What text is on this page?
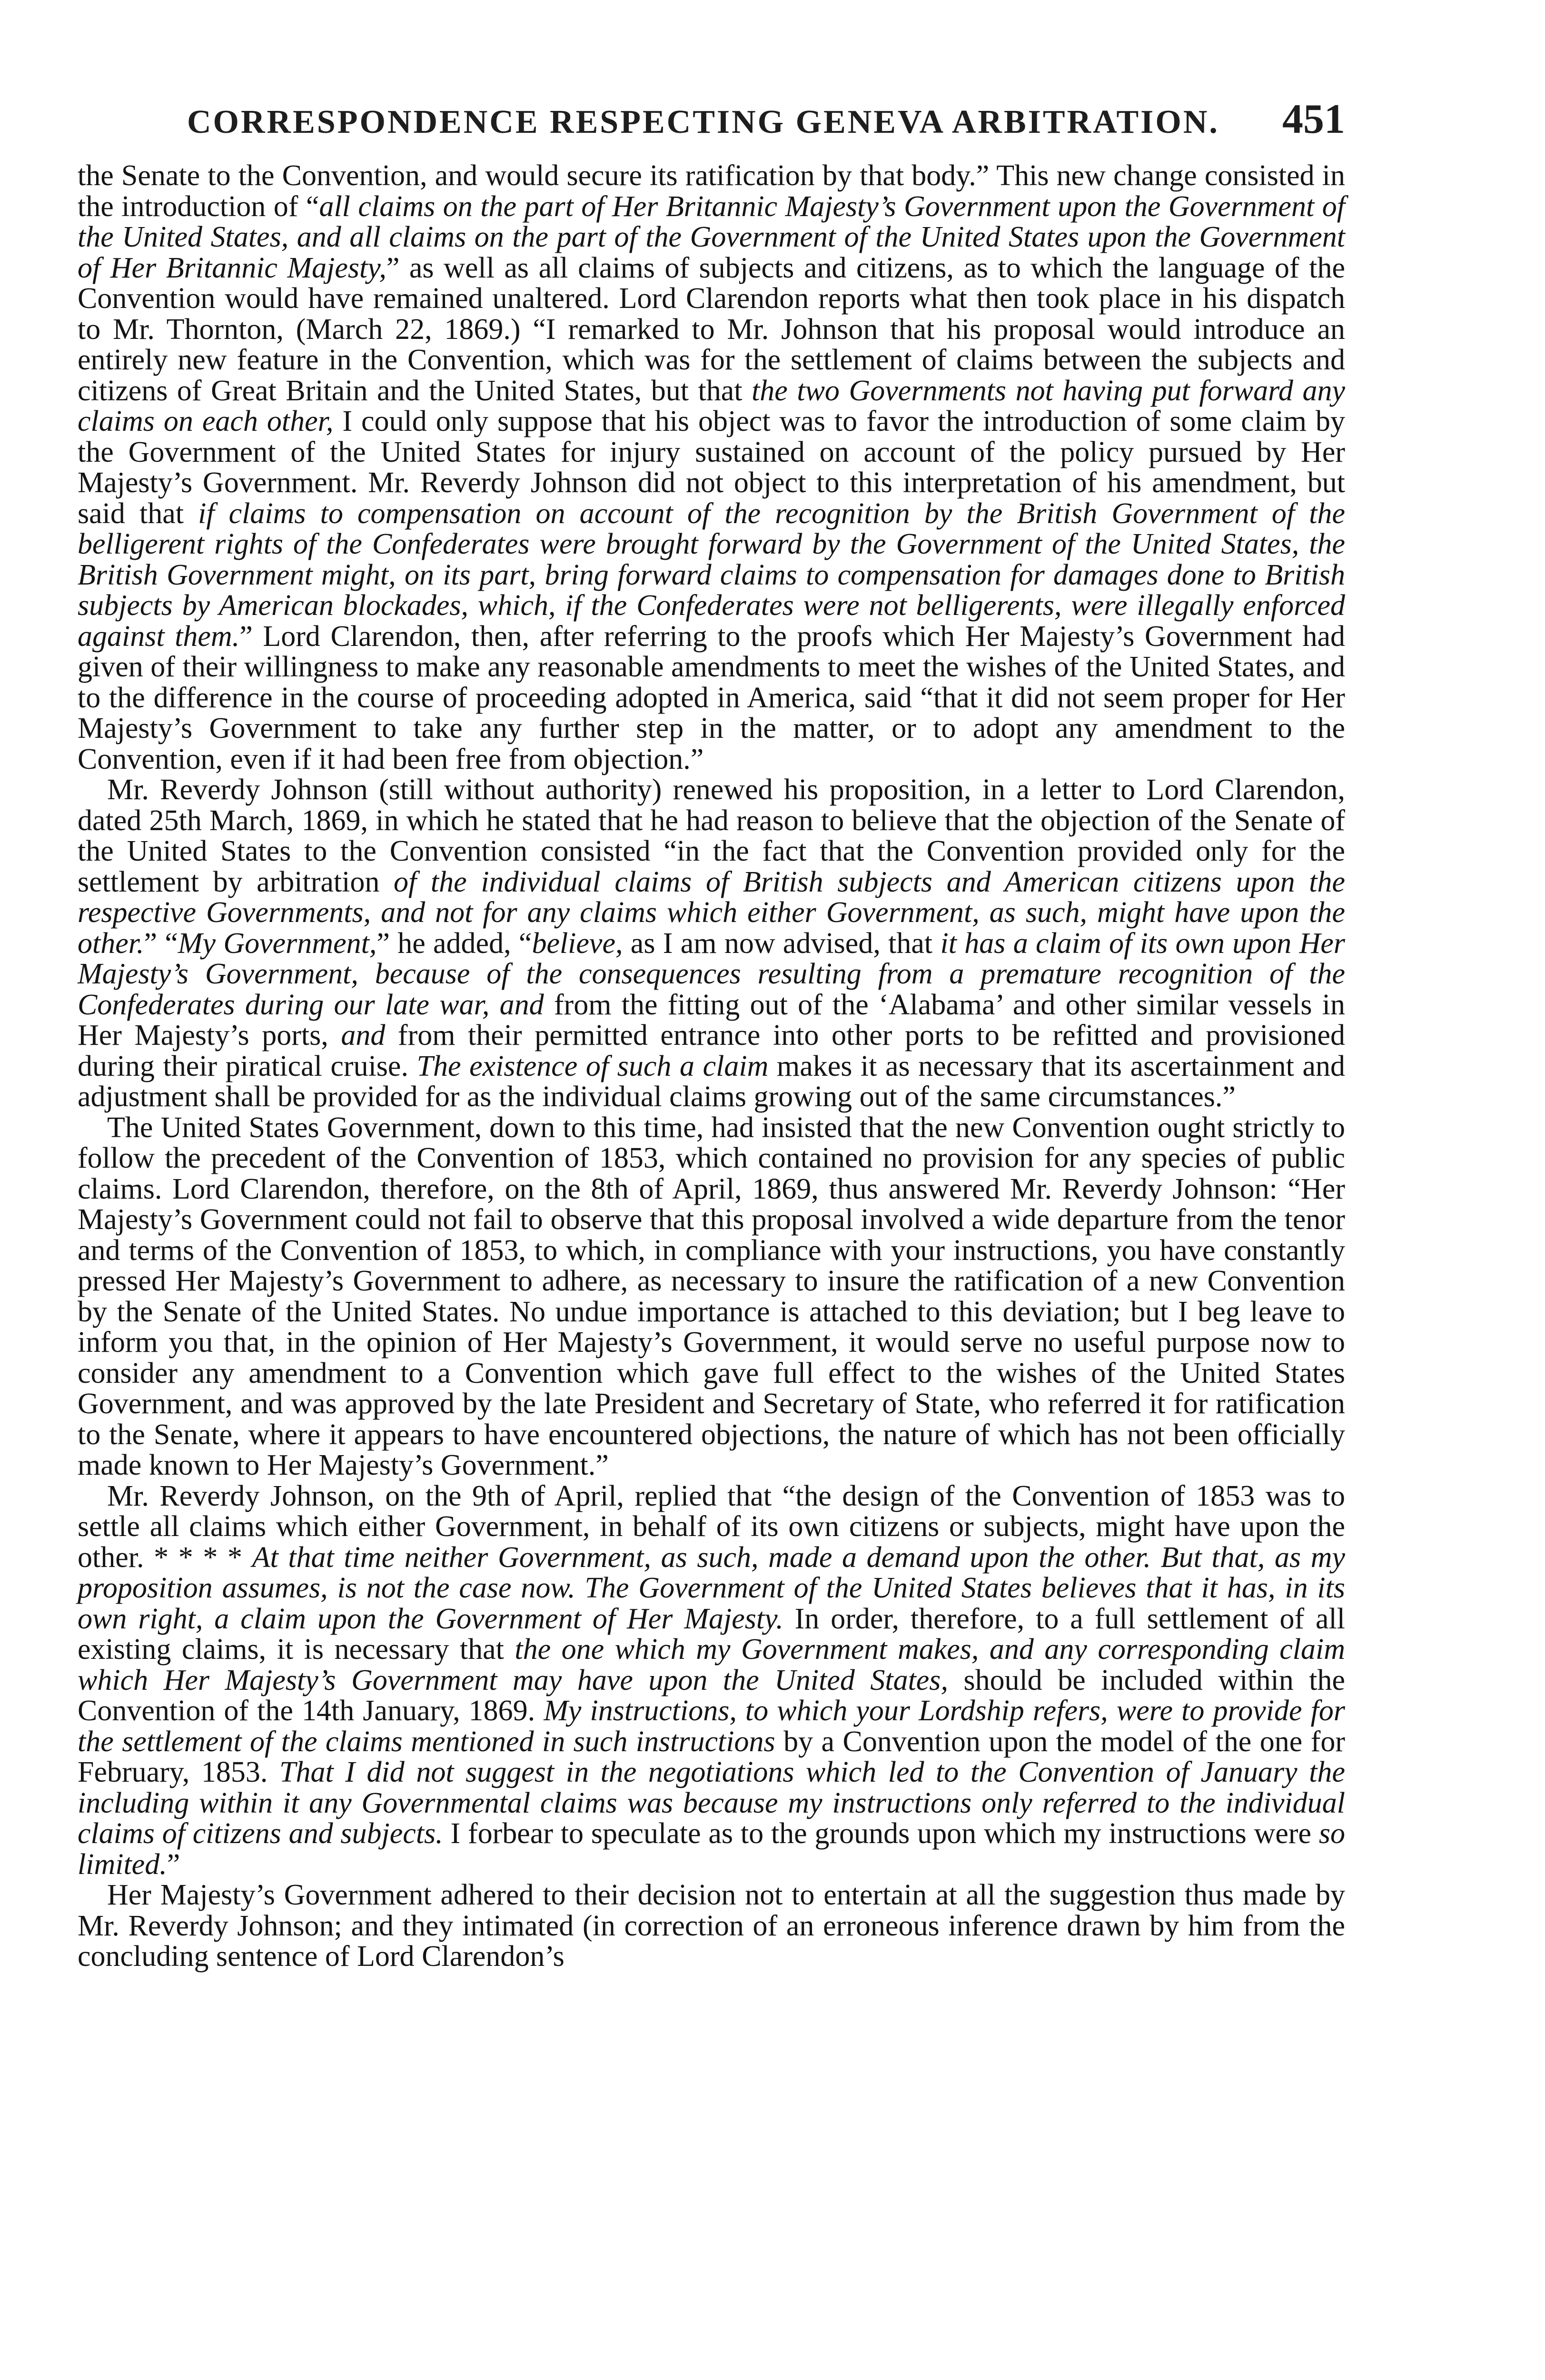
CORRESPONDENCE RESPECTING GENEVA ARBITRATION. 451

the Senate to the Convention, and would secure its ratification by that body.” This new change consisted in the introduction of “all claims on the part of Her Britannic Majesty’s Government upon the Government of the United States, and all claims on the part of the Government of the United States upon the Government of Her Britannic Majesty,” as well as all claims of subjects and citizens, as to which the language of the Convention would have remained unaltered. Lord Clarendon reports what then took place in his dispatch to Mr. Thornton, (March 22, 1869.) “I remarked to Mr. Johnson that his proposal would introduce an entirely new feature in the Convention, which was for the settlement of claims between the subjects and citizens of Great Britain and the United States, but that the two Governments not having put forward any claims on each other, I could only suppose that his object was to favor the introduction of some claim by the Government of the United States for injury sustained on account of the policy pursued by Her Majesty’s Government. Mr. Reverdy Johnson did not object to this interpretation of his amendment, but said that if claims to compensation on account of the recognition by the British Government of the belligerent rights of the Confederates were brought forward by the Government of the United States, the British Government might, on its part, bring forward claims to compensation for damages done to British subjects by American blockades, which, if the Confederates were not belligerents, were illegally enforced against them.” Lord Clarendon, then, after referring to the proofs which Her Majesty’s Government had given of their willingness to make any reasonable amendments to meet the wishes of the United States, and to the difference in the course of proceeding adopted in America, said “that it did not seem proper for Her Majesty’s Government to take any further step in the matter, or to adopt any amendment to the Convention, even if it had been free from objection.”

Mr. Reverdy Johnson (still without authority) renewed his proposition, in a letter to Lord Clarendon, dated 25th March, 1869, in which he stated that he had reason to believe that the objection of the Senate of the United States to the Convention consisted “in the fact that the Convention provided only for the settlement by arbitration of the individual claims of British subjects and American citizens upon the respective Governments, and not for any claims which either Government, as such, might have upon the other.” “My Government,” he added, “believe, as I am now advised, that it has a claim of its own upon Her Majesty’s Government, because of the consequences resulting from a premature recognition of the Confederates during our late war, and from the fitting out of the ‘Alabama’ and other similar vessels in Her Majesty’s ports, and from their permitted entrance into other ports to be refitted and provisioned during their piratical cruise. The existence of such a claim makes it as necessary that its ascertainment and adjustment shall be provided for as the individual claims growing out of the same circumstances.”

The United States Government, down to this time, had insisted that the new Convention ought strictly to follow the precedent of the Convention of 1853, which contained no provision for any species of public claims. Lord Clarendon, therefore, on the 8th of April, 1869, thus answered Mr. Reverdy Johnson: “Her Majesty’s Government could not fail to observe that this proposal involved a wide departure from the tenor and terms of the Convention of 1853, to which, in compliance with your instructions, you have constantly pressed Her Majesty’s Government to adhere, as necessary to insure the ratification of a new Convention by the Senate of the United States. No undue importance is attached to this deviation; but I beg leave to inform you that, in the opinion of Her Majesty’s Government, it would serve no useful purpose now to consider any amendment to a Convention which gave full effect to the wishes of the United States Government, and was approved by the late President and Secretary of State, who referred it for ratification to the Senate, where it appears to have encountered objections, the nature of which has not been officially made known to Her Majesty’s Government.”

Mr. Reverdy Johnson, on the 9th of April, replied that “the design of the Convention of 1853 was to settle all claims which either Government, in behalf of its own citizens or subjects, might have upon the other. * * * * At that time neither Government, as such, made a demand upon the other. But that, as my proposition assumes, is not the case now. The Government of the United States believes that it has, in its own right, a claim upon the Government of Her Majesty. In order, therefore, to a full settlement of all existing claims, it is necessary that the one which my Government makes, and any corresponding claim which Her Majesty’s Government may have upon the United States, should be included within the Convention of the 14th January, 1869. My instructions, to which your Lordship refers, were to provide for the settlement of the claims mentioned in such instructions by a Convention upon the model of the one for February, 1853. That I did not suggest in the negotiations which led to the Convention of January the including within it any Governmental claims was because my instructions only referred to the individual claims of citizens and subjects. I forbear to speculate as to the grounds upon which my instructions were so limited.”

Her Majesty’s Government adhered to their decision not to entertain at all the suggestion thus made by Mr. Reverdy Johnson; and they intimated (in correction of an erroneous inference drawn by him from the concluding sentence of Lord Clarendon’s
